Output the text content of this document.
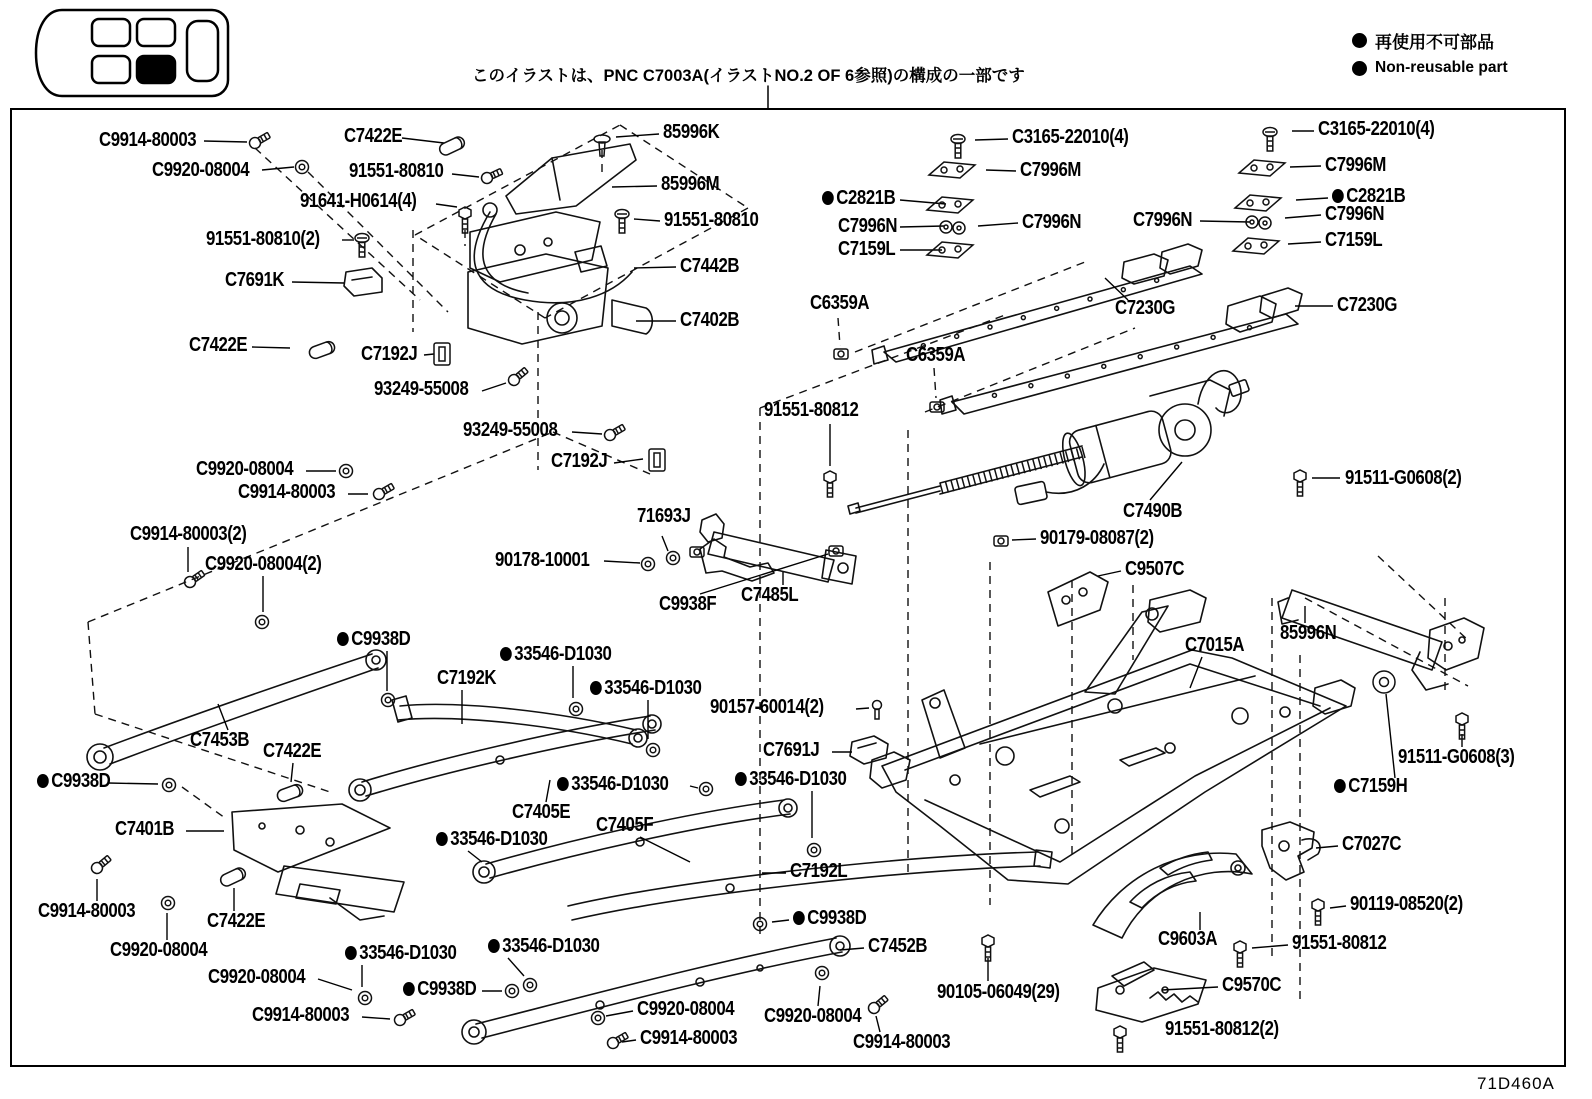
このイラストは、PNC C7003A(イラストNO.2 OF 6参照)の構成の一部です
再使用不可部品
Non-reusable part
C9914-80003	C7422E	85996K
C9920-08004	91551-80810
85996M
91641-H0614(4)
91551-80810
91551-80810(2)
C7691K
C7442B
C7402B
C7422E	C7192J
93249-55008
93249-55008
C7192J
71693J
90178-10001
C9938F C7485L
91551-80812
C3165-22010(4)	C3165-22010(4)
C7996M	C7996M
C2821B	C2821B
C7996N	C7996N	C7996N	C7996N
C7159L	C7159L
C6359A
C6359A
C7230G	C7230G
C7490B
91511-G0608(2)
90179-08087(2)
C9507C
85996N
C7015A
91511-G0608(3)
C7159H
C7027C
90119-08520(2)
91551-80812
C9603A
C9570C
91551-80812(2)
90105-06049(29)
C7452B
C9914-80003(2)
C9920-08004(2)
C9938D
C7192K
33546-D1030
33546-D1030
C7453B C7422E
C9938D
90157-60014(2)
C7691J
33546-D1030	33546-D1030
C7405E
C7405F
33546-D1030
C7401B
C7192L
C9914-80003	C7422E
C9920-08004	33546-D1030	33546-D1030
C9938D
C9920-08004
C9914-80003
C9920-08004
C9914-80003
C9938D
C9920-08004
C9914-80003
C9920-08004
C9914-80003
71D460A
